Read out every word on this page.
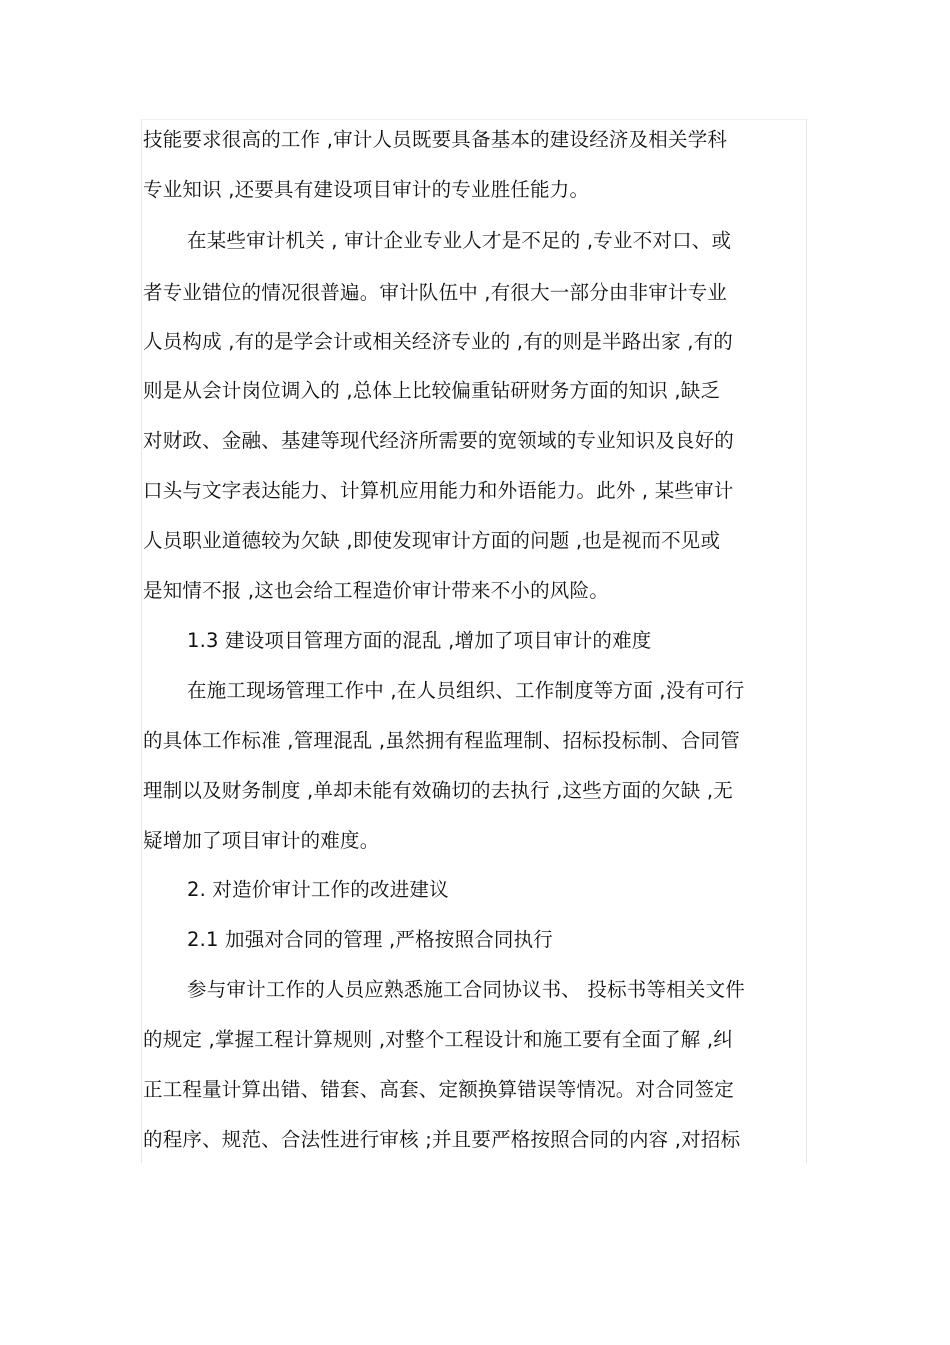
技能要求很高的工作 ,审计人员既要具备基本的建设经济及相关学科
专业知识 ,还要具有建设项目审计的专业胜任能力。
在某些审计机关 , 审计企业专业人才是不足的 ,专业不对口、或
者专业错位的情况很普遍。审计队伍中 ,有很大一部分由非审计专业
人员构成 ,有的是学会计或相关经济专业的 ,有的则是半路出家 ,有的
则是从会计岗位调入的 ,总体上比较偏重钻研财务方面的知识 ,缺乏
对财政、金融、基建等现代经济所需要的宽领域的专业知识及良好的
口头与文字表达能力、计算机应用能力和外语能力。此外 , 某些审计
人员职业道德较为欠缺 ,即使发现审计方面的问题 ,也是视而不见或
是知情不报 ,这也会给工程造价审计带来不小的风险。
1.3 建设项目管理方面的混乱 ,增加了项目审计的难度
在施工现场管理工作中 ,在人员组织、工作制度等方面 ,没有可行
的具体工作标准 ,管理混乱 ,虽然拥有程监理制、招标投标制、合同管
理制以及财务制度 ,单却未能有效确切的去执行 ,这些方面的欠缺 ,无
疑增加了项目审计的难度。
2. 对造价审计工作的改进建议
2.1 加强对合同的管理 ,严格按照合同执行
参与审计工作的人员应熟悉施工合同协议书、 投标书等相关文件
的规定 ,掌握工程计算规则 ,对整个工程设计和施工要有全面了解 ,纠
正工程量计算出错、错套、高套、定额换算错误等情况。对合同签定
的程序、规范、合法性进行审核 ;并且要严格按照合同的内容 ,对招标
